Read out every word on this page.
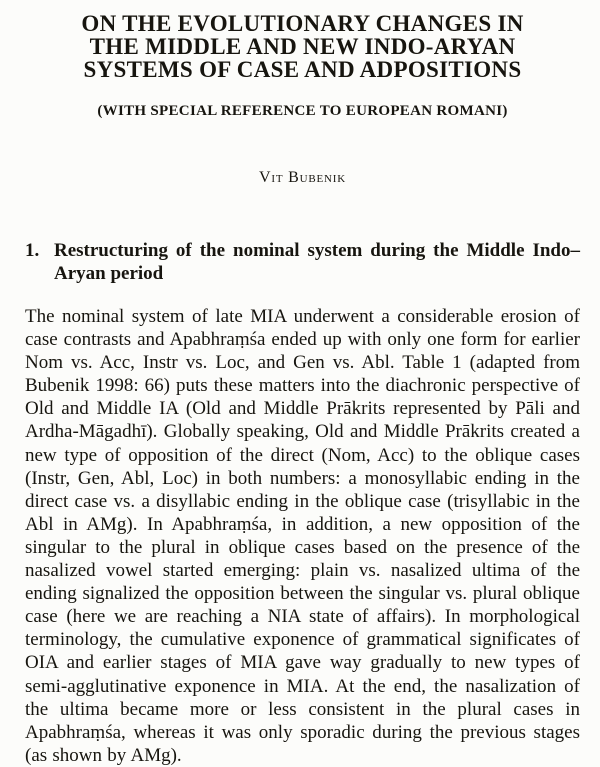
ON THE EVOLUTIONARY CHANGES IN
THE MIDDLE AND NEW INDO-ARYAN
SYSTEMS OF CASE AND ADPOSITIONS
(WITH SPECIAL REFERENCE TO EUROPEAN ROMANI)
Vit Bubenik
1. Restructuring of the nominal system during the Middle Indo–
Aryan period

The nominal system of late MIA underwent a considerable erosion of case contrasts and Apabhraṃśa ended up with only one form for earlier Nom vs. Acc, Instr vs. Loc, and Gen vs. Abl. Table 1 (adapted from Bubenik 1998: 66) puts these matters into the diachronic perspective of Old and Middle IA (Old and Middle Prākrits represented by Pāli and Ardha-Māgadhī). Globally speaking, Old and Middle Prākrits created a new type of opposition of the direct (Nom, Acc) to the oblique cases (Instr, Gen, Abl, Loc) in both numbers: a monosyllabic ending in the direct case vs. a disyllabic ending in the oblique case (trisyllabic in the Abl in AMg). In Apabhraṃśa, in addition, a new opposition of the singular to the plural in oblique cases based on the presence of the nasalized vowel started emerging: plain vs. nasalized ultima of the ending signalized the opposition between the singular vs. plural oblique case (here we are reaching a NIA state of affairs). In morphological terminology, the cumulative exponence of grammatical significates of OIA and earlier stages of MIA gave way gradually to new types of semi-agglutinative exponence in MIA. At the end, the nasalization of the ultima became more or less consistent in the plural cases in Apabhraṃśa, whereas it was only sporadic during the previous stages (as shown by AMg).
